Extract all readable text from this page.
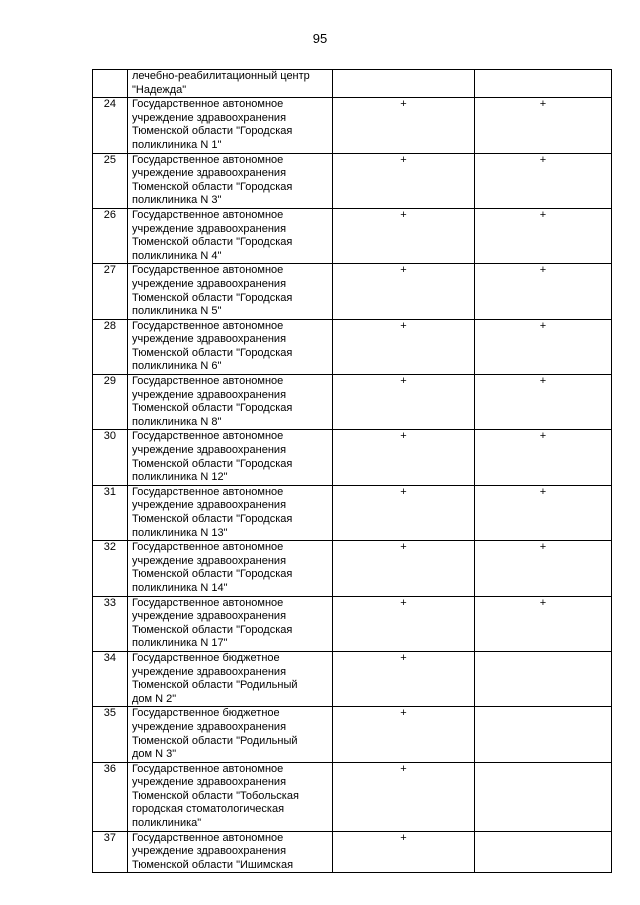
95
	лечебно-реабилитационный центр
"Надежда"		
24	Государственное автономное
учреждение здравоохранения
Тюменской области "Городская
поликлиника N 1"	+	+
25	Государственное автономное
учреждение здравоохранения
Тюменской области "Городская
поликлиника N 3"	+	+
26	Государственное автономное
учреждение здравоохранения
Тюменской области "Городская
поликлиника N 4"	+	+
27	Государственное автономное
учреждение здравоохранения
Тюменской области "Городская
поликлиника N 5"	+	+
28	Государственное автономное
учреждение здравоохранения
Тюменской области "Городская
поликлиника N 6"	+	+
29	Государственное автономное
учреждение здравоохранения
Тюменской области "Городская
поликлиника N 8"	+	+
30	Государственное автономное
учреждение здравоохранения
Тюменской области "Городская
поликлиника N 12"	+	+
31	Государственное автономное
учреждение здравоохранения
Тюменской области "Городская
поликлиника N 13"	+	+
32	Государственное автономное
учреждение здравоохранения
Тюменской области "Городская
поликлиника N 14"	+	+
33	Государственное автономное
учреждение здравоохранения
Тюменской области "Городская
поликлиника N 17"	+	+
34	Государственное бюджетное
учреждение здравоохранения
Тюменской области "Родильный
дом N 2"	+	
35	Государственное бюджетное
учреждение здравоохранения
Тюменской области "Родильный
дом N 3"	+	
36	Государственное автономное
учреждение здравоохранения
Тюменской области "Тобольская
городская стоматологическая
поликлиника"	+	
37	Государственное автономное
учреждение здравоохранения
Тюменской области "Ишимская	+	
